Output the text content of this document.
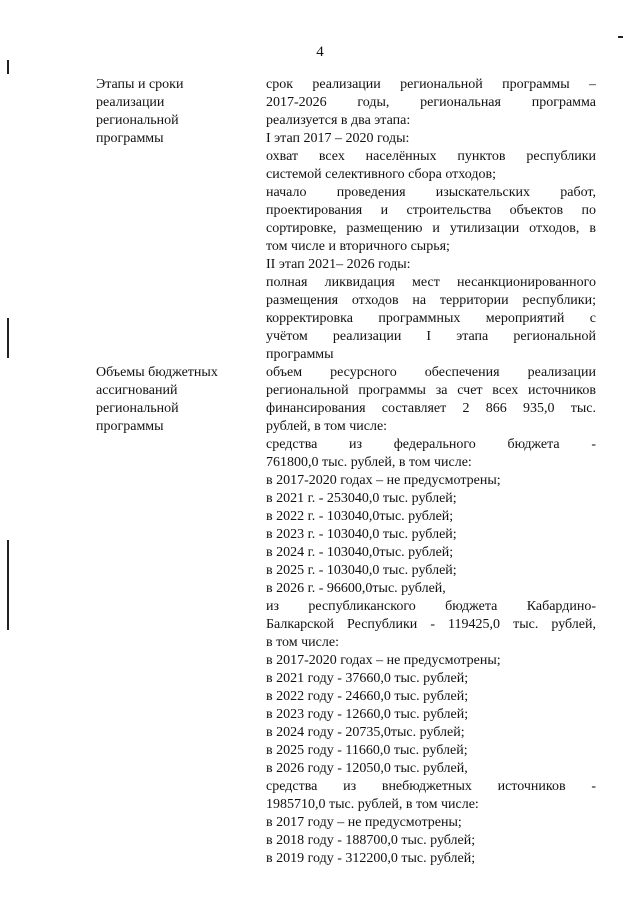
4
Этапы и сроки
реализации
региональной
программы
срок реализации региональной программы –
2017-2026 годы, региональная программа
реализуется в два этапа:
I этап 2017 – 2020 годы:
охват всех населённых пунктов республики
системой селективного сбора отходов;
начало проведения изыскательских работ,
проектирования и строительства объектов по
сортировке, размещению и утилизации отходов, в
том числе и вторичного сырья;
II этап 2021– 2026 годы:
полная ликвидация мест несанкционированного
размещения отходов на территории республики;
корректировка программных мероприятий с
учётом реализации I этапа региональной
программы
Объемы бюджетных
ассигнований
региональной
программы
объем ресурсного обеспечения реализации
региональной программы за счет всех источников
финансирования составляет 2 866 935,0 тыс.
рублей, в том числе:
средства из федерального бюджета -
761800,0 тыс. рублей, в том числе:
в 2017-2020 годах – не предусмотрены;
в 2021 г. - 253040,0 тыс. рублей;
в 2022 г. - 103040,0тыс. рублей;
в 2023 г. - 103040,0 тыс. рублей;
в 2024 г. - 103040,0тыс. рублей;
в 2025 г. - 103040,0 тыс. рублей;
в 2026 г. - 96600,0тыс. рублей,
из республиканского бюджета Кабардино-
Балкарской Республики - 119425,0 тыс. рублей,
в том числе:
в 2017-2020 годах – не предусмотрены;
в 2021 году - 37660,0 тыс. рублей;
в 2022 году - 24660,0 тыс. рублей;
в 2023 году - 12660,0 тыс. рублей;
в 2024 году - 20735,0тыс. рублей;
в 2025 году - 11660,0 тыс. рублей;
в 2026 году - 12050,0 тыс. рублей,
средства из внебюджетных источников -
1985710,0 тыс. рублей, в том числе:
в 2017 году – не предусмотрены;
в 2018 году - 188700,0 тыс. рублей;
в 2019 году - 312200,0 тыс. рублей;
